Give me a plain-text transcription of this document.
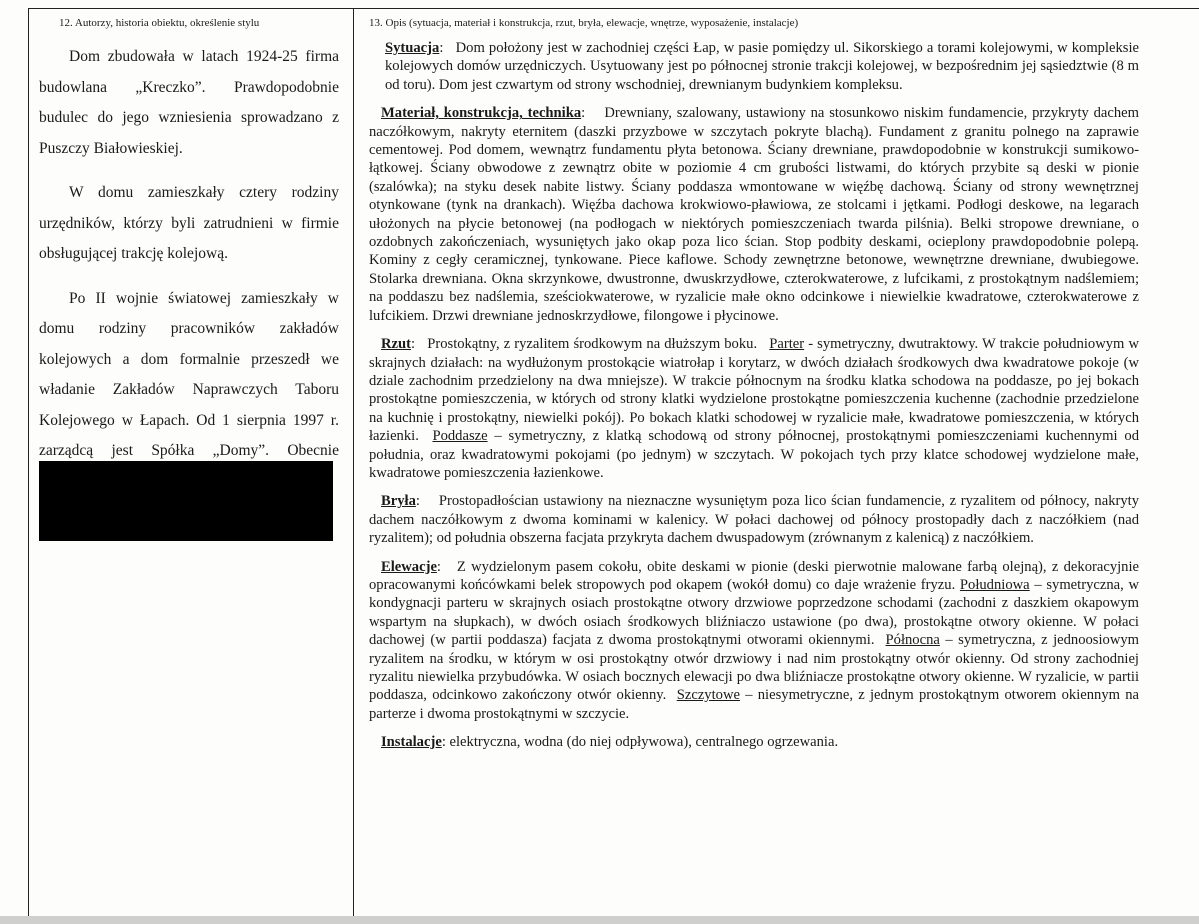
12. Autorzy, historia obiektu, określenie stylu

Dom zbudowała w latach 1924-25 firma budowlana „Kreczko”. Prawdopodobnie budulec do jego wzniesienia sprowadzano z Puszczy Białowieskiej.

W domu zamieszkały cztery rodziny urzędników, którzy byli zatrudnieni w firmie obsługującej trakcję kolejową.

Po II wojnie światowej zamieszkały w domu rodziny pracowników zakładów kolejowych a dom formalnie przeszedł we władanie Zakładów Naprawczych Taboru Kolejowego w Łapach. Od 1 sierpnia 1997 r. zarządcą jest Spółka „Domy”. Obecnie

13. Opis (sytuacja, materiał i konstrukcja, rzut, bryła, elewacje, wnętrze, wyposażenie, instalacje)

Sytuacja:   Dom położony jest w zachodniej części Łap, w pasie pomiędzy ul. Sikorskiego a torami kolejowymi, w kompleksie kolejowych domów urzędniczych. Usytuowany jest po północnej stronie trakcji kolejowej, w bezpośrednim jej sąsiedztwie (8 m od toru). Dom jest czwartym od strony wschodniej, drewnianym budynkiem kompleksu.

Materiał, konstrukcja, technika:    Drewniany, szalowany, ustawiony na stosunkowo niskim fundamencie, przykryty dachem naczółkowym, nakryty eternitem (daszki przyzbowe w szczytach pokryte blachą). Fundament z granitu polnego na zaprawie cementowej. Pod domem, wewnątrz fundamentu płyta betonowa. Ściany drewniane, prawdopodobnie w konstrukcji sumikowo-łątkowej. Ściany obwodowe z zewnątrz obite w poziomie 4 cm grubości listwami, do których przybite są deski w pionie (szalówka); na styku desek nabite listwy. Ściany poddasza wmontowane w więźbę dachową. Ściany od strony wewnętrznej otynkowane (tynk na drankach). Więźba dachowa krokwiowo-pławiowa, ze stolcami i jętkami. Podłogi deskowe, na legarach ułożonych na płycie betonowej (na podłogach w niektórych pomieszczeniach twarda pilśnia). Belki stropowe drewniane, o ozdobnych zakończeniach, wysuniętych jako okap poza lico ścian. Stop podbity deskami, ocieplony prawdopodobnie polepą. Kominy z cegły ceramicznej, tynkowane. Piece kaflowe. Schody zewnętrzne betonowe, wewnętrzne drewniane, dwubiegowe. Stolarka drewniana. Okna skrzynkowe, dwustronne, dwuskrzydłowe, czterokwaterowe, z lufcikami, z prostokątnym nadślemiem; na poddaszu bez nadślemia, sześciokwaterowe, w ryzalicie małe okno odcinkowe i niewielkie kwadratowe, czterokwaterowe z lufcikiem. Drzwi drewniane jednoskrzydłowe, filongowe i płycinowe.

Rzut:   Prostokątny, z ryzalitem środkowym na dłuższym boku. Parter - symetryczny, dwutraktowy. W trakcie południowym w skrajnych działach: na wydłużonym prostokącie wiatrołap i korytarz, w dwóch działach środkowych dwa kwadratowe pokoje (w dziale zachodnim przedzielony na dwa mniejsze). W trakcie północnym na środku klatka schodowa na poddasze, po jej bokach prostokątne pomieszczenia, w których od strony klatki wydzielone prostokątne pomieszczenia kuchenne (zachodnie przedzielone na kuchnię i prostokątny, niewielki pokój). Po bokach klatki schodowej w ryzalicie małe, kwadratowe pomieszczenia, w których łazienki. Poddasze – symetryczny, z klatką schodową od strony północnej, prostokątnymi pomieszczeniami kuchennymi od południa, oraz kwadratowymi pokojami (po jednym) w szczytach. W pokojach tych przy klatce schodowej wydzielone małe, kwadratowe pomieszczenia łazienkowe.

Bryła:    Prostopadłościan ustawiony na nieznaczne wysuniętym poza lico ścian fundamencie, z ryzalitem od północy, nakryty dachem naczółkowym z dwoma kominami w kalenicy. W połaci dachowej od północy prostopadły dach z naczółkiem (nad ryzalitem); od południa obszerna facjata przykryta dachem dwuspadowym (zrównanym z kalenicą) z naczółkiem.

Elewacje:   Z wydzielonym pasem cokołu, obite deskami w pionie (deski pierwotnie malowane farbą olejną), z dekoracyjnie opracowanymi końcówkami belek stropowych pod okapem (wokół domu) co daje wrażenie fryzu. Południowa – symetryczna, w kondygnacji parteru w skrajnych osiach prostokątne otwory drzwiowe poprzedzone schodami (zachodni z daszkiem okapowym wspartym na słupkach), w dwóch osiach środkowych bliźniaczo ustawione (po dwa), prostokątne otwory okienne. W połaci dachowej (w partii poddasza) facjata z dwoma prostokątnymi otworami okiennymi. Północna – symetryczna, z jednoosiowym ryzalitem na środku, w którym w osi prostokątny otwór drzwiowy i nad nim prostokątny otwór okienny. Od strony zachodniej ryzalitu niewielka przybudówka. W osiach bocznych elewacji po dwa bliźniacze prostokątne otwory okienne. W ryzalicie, w partii poddasza, odcinkowo zakończony otwór okienny. Szczytowe – niesymetryczne, z jednym prostokątnym otworem okiennym na parterze i dwoma prostokątnymi w szczycie.

Instalacje: elektryczna, wodna (do niej odpływowa), centralnego ogrzewania.
